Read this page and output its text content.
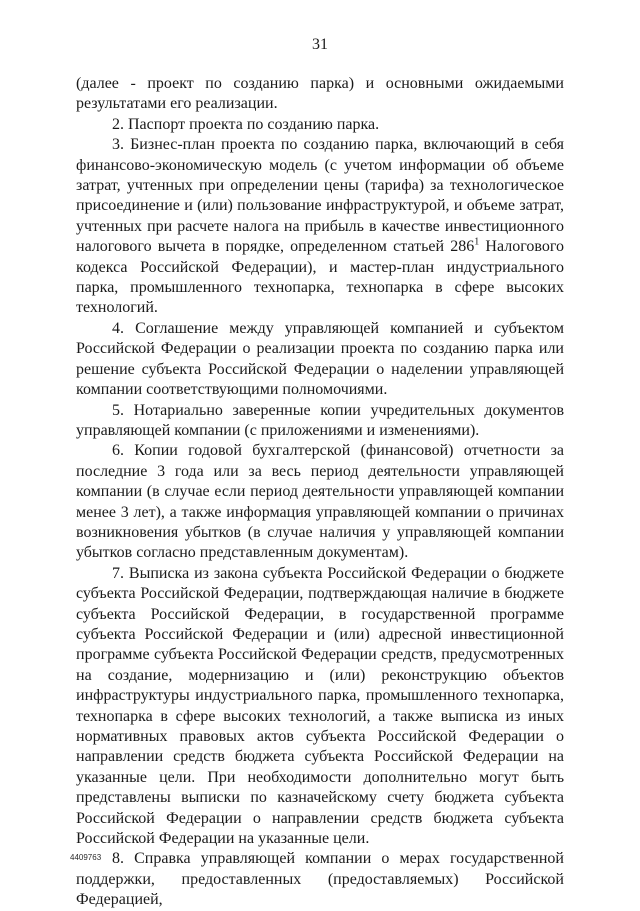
31

(далее - проект по созданию парка) и основными ожидаемыми результатами его реализации.

2. Паспорт проекта по созданию парка.

3. Бизнес-план проекта по созданию парка, включающий в себя финансово-экономическую модель (с учетом информации об объеме затрат, учтенных при определении цены (тарифа) за технологическое присоединение и (или) пользование инфраструктурой, и объеме затрат, учтенных при расчете налога на прибыль в качестве инвестиционного налогового вычета в порядке, определенном статьей $286^1$ Налогового кодекса Российской Федерации), и мастер-план индустриального парка, промышленного технопарка, технопарка в сфере высоких технологий.

4. Соглашение между управляющей компанией и субъектом Российской Федерации о реализации проекта по созданию парка или решение субъекта Российской Федерации о наделении управляющей компании соответствующими полномочиями.

5. Нотариально заверенные копии учредительных документов управляющей компании (с приложениями и изменениями).

6. Копии годовой бухгалтерской (финансовой) отчетности за последние 3 года или за весь период деятельности управляющей компании (в случае если период деятельности управляющей компании менее 3 лет), а также информация управляющей компании о причинах возникновения убытков (в случае наличия у управляющей компании убытков согласно представленным документам).

7. Выписка из закона субъекта Российской Федерации о бюджете субъекта Российской Федерации, подтверждающая наличие в бюджете субъекта Российской Федерации, в государственной программе субъекта Российской Федерации и (или) адресной инвестиционной программе субъекта Российской Федерации средств, предусмотренных на создание, модернизацию и (или) реконструкцию объектов инфраструктуры индустриального парка, промышленного технопарка, технопарка в сфере высоких технологий, а также выписка из иных нормативных правовых актов субъекта Российской Федерации о направлении средств бюджета субъекта Российской Федерации на указанные цели. При необходимости дополнительно могут быть представлены выписки по казначейскому счету бюджета субъекта Российской Федерации о направлении средств бюджета субъекта Российской Федерации на указанные цели.

8. Справка управляющей компании о мерах государственной поддержки, предоставленных (предоставляемых) Российской Федерацией,

4409763
